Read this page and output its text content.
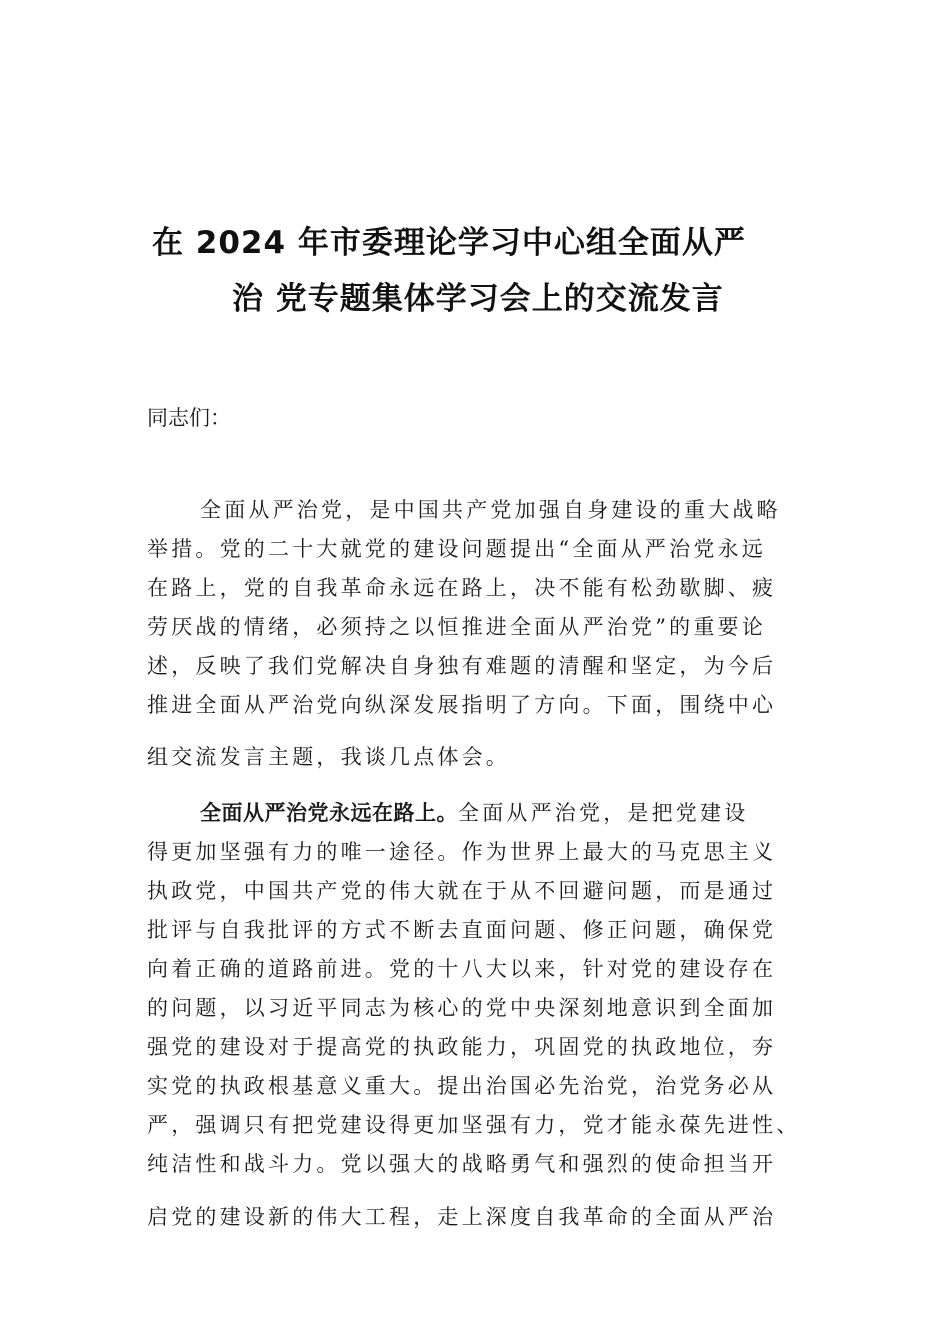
在 2024 年市委理论学习中心组全面从严
治 党专题集体学习会上的交流发言
同志们：
全面从严治党，是中国共产党加强自身建设的重大战略
举措。党的二十大就党的建设问题提出“全面从严治党永远
在路上，党的自我革命永远在路上，决不能有松劲歇脚、疲
劳厌战的情绪，必须持之以恒推进全面从严治党”的重要论
述，反映了我们党解决自身独有难题的清醒和坚定，为今后
推进全面从严治党向纵深发展指明了方向。下面，围绕中心
组交流发言主题，我谈几点体会。
全面从严治党永远在路上。全面从严治党，是把党建设
得更加坚强有力的唯一途径。作为世界上最大的马克思主义
执政党，中国共产党的伟大就在于从不回避问题，而是通过
批评与自我批评的方式不断去直面问题、修正问题，确保党
向着正确的道路前进。党的十八大以来，针对党的建设存在
的问题，以习近平同志为核心的党中央深刻地意识到全面加
强党的建设对于提高党的执政能力，巩固党的执政地位，夯
实党的执政根基意义重大。提出治国必先治党，治党务必从
严，强调只有把党建设得更加坚强有力，党才能永葆先进性、
纯洁性和战斗力。党以强大的战略勇气和强烈的使命担当开
启党的建设新的伟大工程，走上深度自我革命的全面从严治
